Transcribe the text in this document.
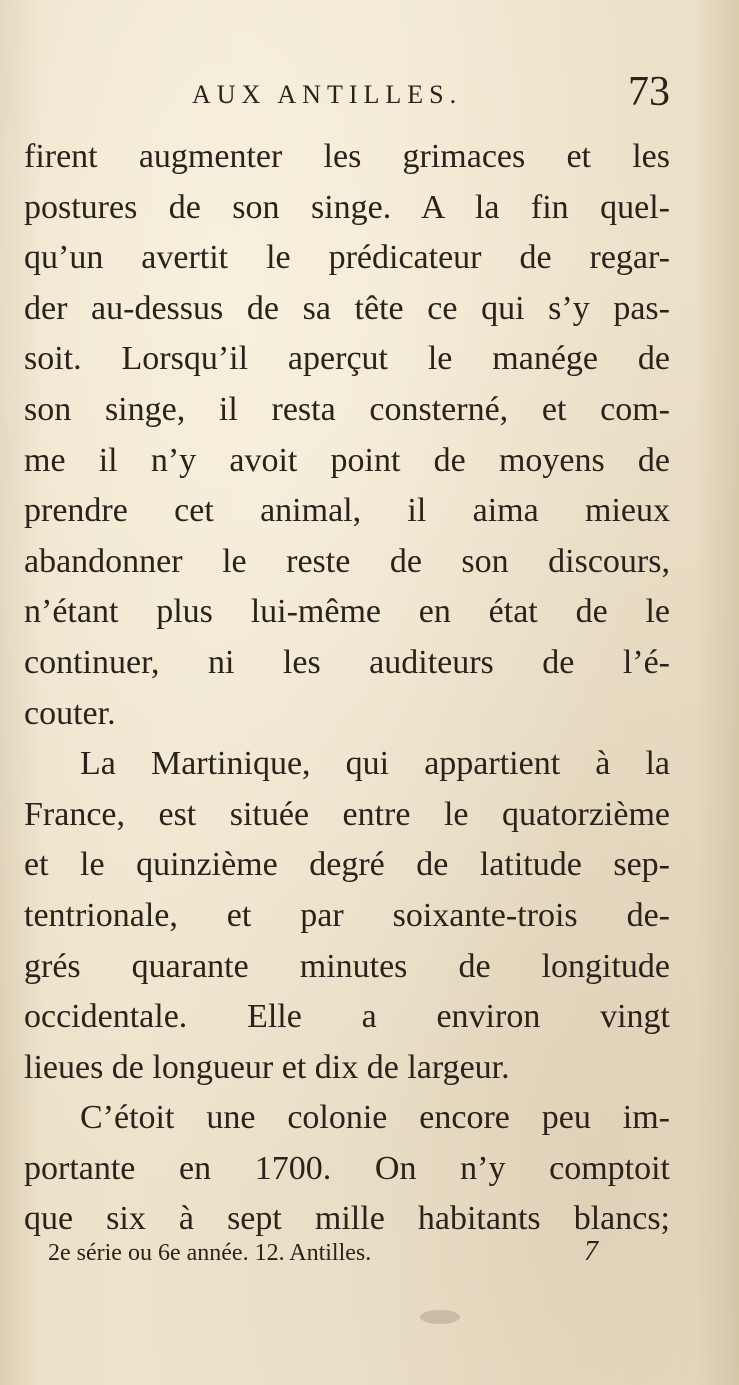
AUX ANTILLES.	73
firent augmenter les grimaces et les
postures de son singe. A la fin quel-
qu’un avertit le prédicateur de regar-
der au-dessus de sa tête ce qui s’y pas-
soit. Lorsqu’il aperçut le manége de
son singe, il resta consterné, et com-
me il n’y avoit point de moyens de
prendre cet animal, il aima mieux
abandonner le reste de son discours,
n’étant plus lui-même en état de le
continuer, ni les auditeurs de l’é-
couter.
La Martinique, qui appartient à la
France, est située entre le quatorzième
et le quinzième degré de latitude sep-
tentrionale, et par soixante-trois de-
grés quarante minutes de longitude
occidentale. Elle a environ vingt
lieues de longueur et dix de largeur.
C’étoit une colonie encore peu im-
portante en 1700. On n’y comptoit
que six à sept mille habitants blancs;
2e série ou 6e année. 12. Antilles.	7
